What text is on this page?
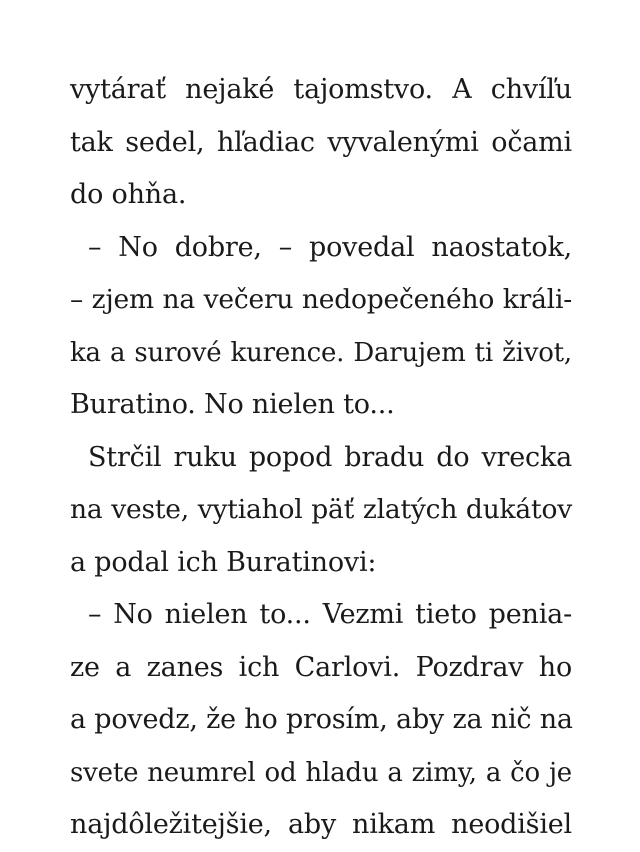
vytárať nejaké tajomstvo. A chvíľu
tak sedel, hľadiac vyvalenými očami
do ohňa.
– No dobre, – povedal naostatok,
– zjem na večeru nedopečeného králi-
ka a surové kurence. Darujem ti život,
Buratino. No nielen to...
Strčil ruku popod bradu do vrecka
na veste, vytiahol päť zlatých dukátov
a podal ich Buratinovi:
– No nielen to... Vezmi tieto penia-
ze a zanes ich Carlovi. Pozdrav ho
a povedz, že ho prosím, aby za nič na
svete neumrel od hladu a zimy, a čo je
najdôležitejšie, aby nikam neodišiel
